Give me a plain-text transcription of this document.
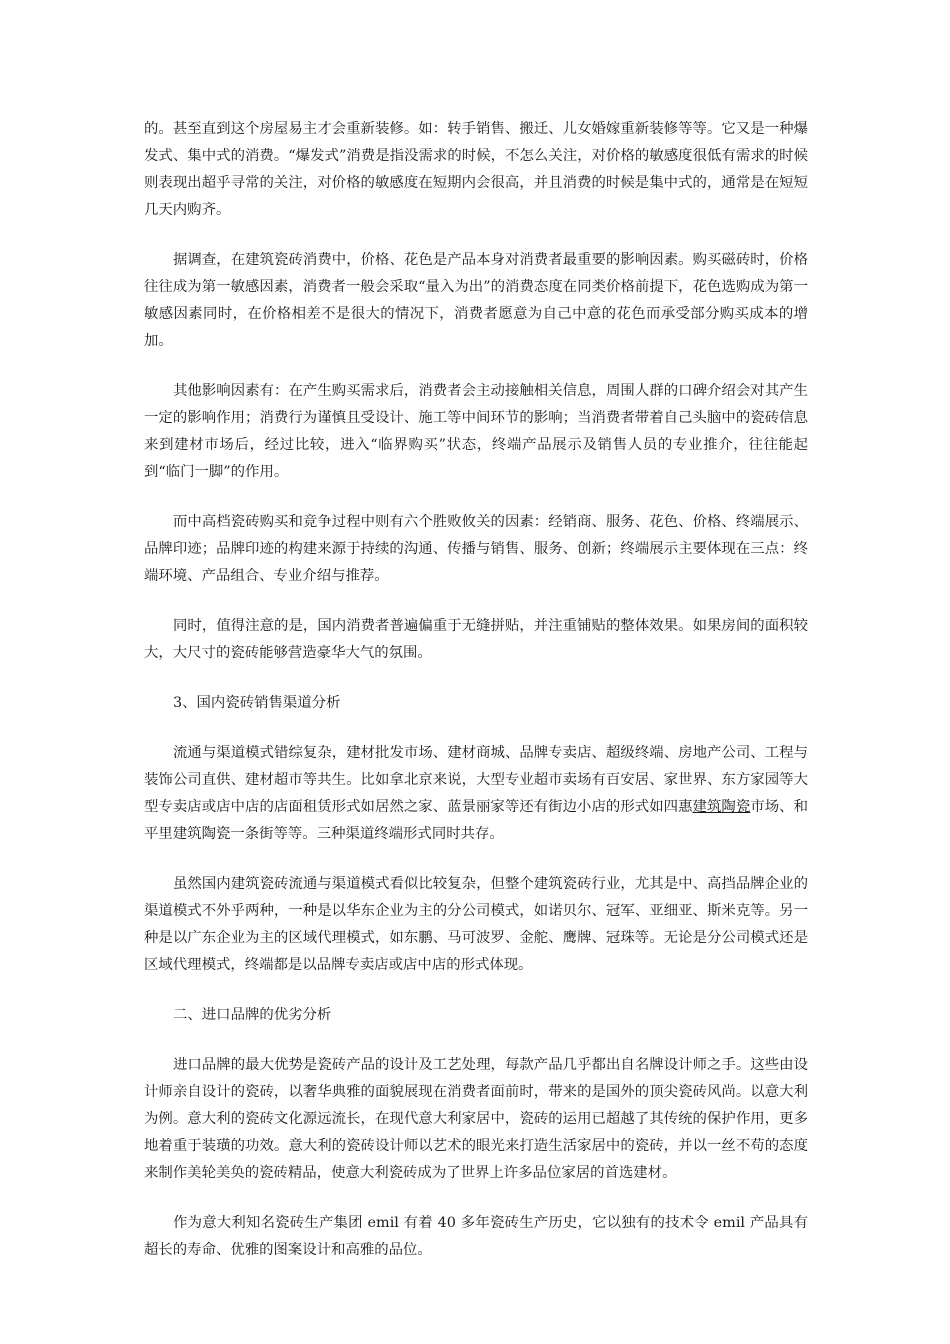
的。甚至直到这个房屋易主才会重新装修。如：转手销售、搬迁、儿女婚嫁重新装修等等。它又是一种爆发式、集中式的消费。“爆发式”消费是指没需求的时候，不怎么关注，对价格的敏感度很低有需求的时候则表现出超乎寻常的关注，对价格的敏感度在短期内会很高，并且消费的时候是集中式的，通常是在短短几天内购齐。

据调查，在建筑瓷砖消费中，价格、花色是产品本身对消费者最重要的影响因素。购买磁砖时，价格往往成为第一敏感因素，消费者一般会采取“量入为出”的消费态度在同类价格前提下，花色选购成为第一敏感因素同时，在价格相差不是很大的情况下，消费者愿意为自己中意的花色而承受部分购买成本的增加。

其他影响因素有：在产生购买需求后，消费者会主动接触相关信息，周围人群的口碑介绍会对其产生一定的影响作用；消费行为谨慎且受设计、施工等中间环节的影响；当消费者带着自己头脑中的瓷砖信息来到建材市场后，经过比较，进入“临界购买”状态，终端产品展示及销售人员的专业推介，往往能起到“临门一脚”的作用。

而中高档瓷砖购买和竞争过程中则有六个胜败攸关的因素：经销商、服务、花色、价格、终端展示、品牌印迹；品牌印迹的构建来源于持续的沟通、传播与销售、服务、创新；终端展示主要体现在三点：终端环境、产品组合、专业介绍与推荐。

同时，值得注意的是，国内消费者普遍偏重于无缝拼贴，并注重铺贴的整体效果。如果房间的面积较大，大尺寸的瓷砖能够营造豪华大气的氛围。

3、国内瓷砖销售渠道分析

流通与渠道模式错综复杂，建材批发市场、建材商城、品牌专卖店、超级终端、房地产公司、工程与装饰公司直供、建材超市等共生。比如拿北京来说，大型专业超市卖场有百安居、家世界、东方家园等大型专卖店或店中店的店面租赁形式如居然之家、蓝景丽家等还有街边小店的形式如四惠建筑陶瓷市场、和平里建筑陶瓷一条街等等。三种渠道终端形式同时共存。

虽然国内建筑瓷砖流通与渠道模式看似比较复杂，但整个建筑瓷砖行业，尤其是中、高挡品牌企业的渠道模式不外乎两种，一种是以华东企业为主的分公司模式，如诺贝尔、冠军、亚细亚、斯米克等。另一种是以广东企业为主的区域代理模式，如东鹏、马可波罗、金舵、鹰牌、冠珠等。无论是分公司模式还是区域代理模式，终端都是以品牌专卖店或店中店的形式体现。

二、进口品牌的优劣分析

进口品牌的最大优势是瓷砖产品的设计及工艺处理，每款产品几乎都出自名牌设计师之手。这些由设计师亲自设计的瓷砖，以奢华典雅的面貌展现在消费者面前时，带来的是国外的顶尖瓷砖风尚。以意大利为例。意大利的瓷砖文化源远流长，在现代意大利家居中，瓷砖的运用已超越了其传统的保护作用，更多地着重于装璜的功效。意大利的瓷砖设计师以艺术的眼光来打造生活家居中的瓷砖，并以一丝不苟的态度来制作美轮美奂的瓷砖精品，使意大利瓷砖成为了世界上许多品位家居的首选建材。

作为意大利知名瓷砖生产集团 emil 有着 40 多年瓷砖生产历史，它以独有的技术令 emil 产品具有超长的寿命、优雅的图案设计和高雅的品位。
